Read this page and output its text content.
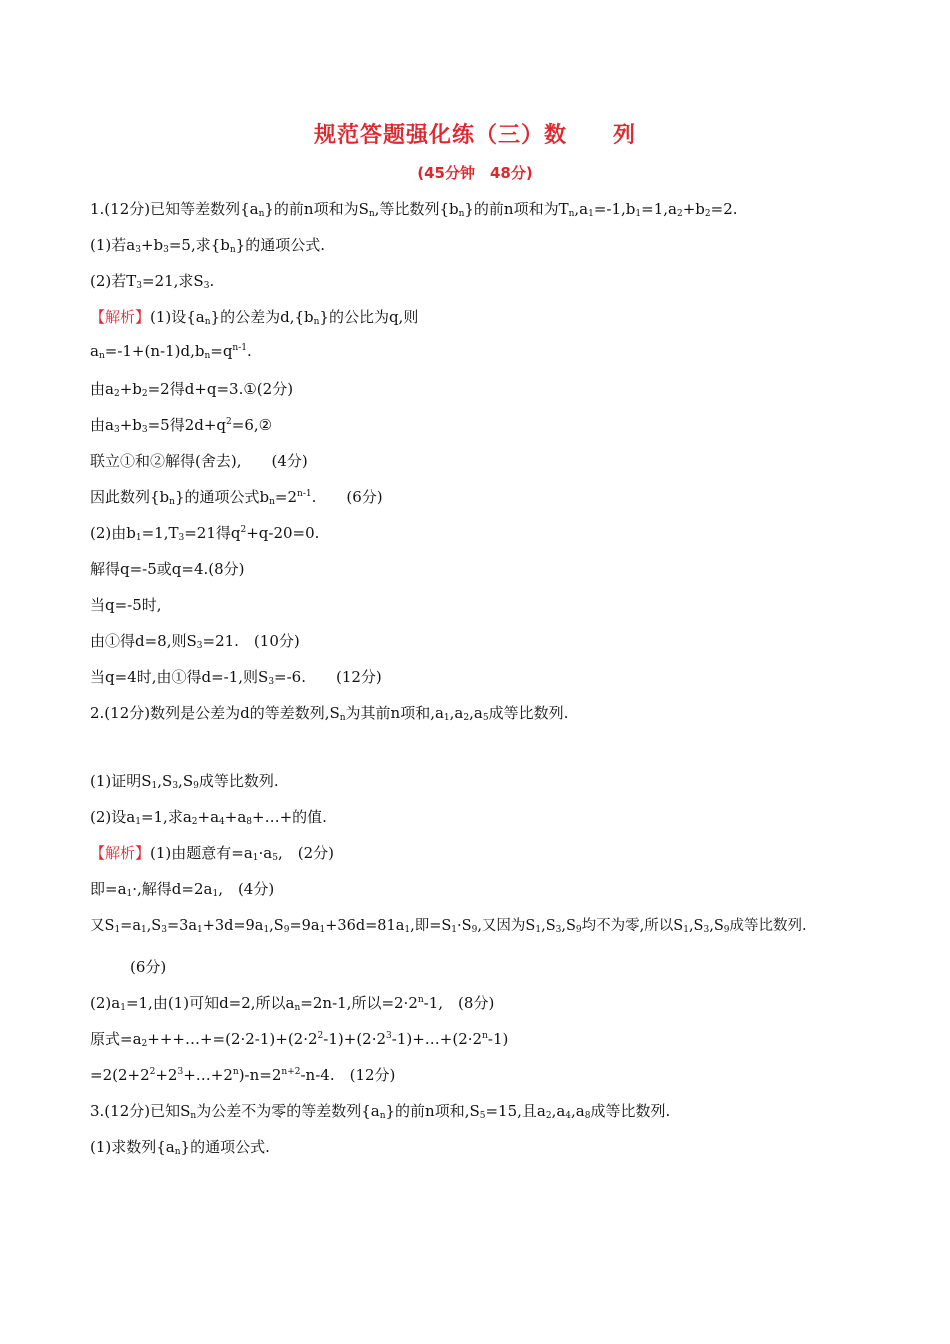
规范答题强化练（三）数　　列
(45分钟　48分)
1.(12分)已知等差数列$\{a_n\}$的前n项和为$S_n$,等比数列$\{b_n\}$的前n项和为$T_n,a_1=-1,b_1=1,a_2+b_2=2$.
(1)若$a_3+b_3=5$,求$\{b_n\}$的通项公式.
(2)若$T_3=21$,求$S_3$.
【解析】(1)设$\{a_n\}$的公差为$d,\{b_n\}$的公比为q,则
$a_n=-1+(n-1)d,b_n=q^{n-1}$.
由$a_2+b_2=2$得d+q=3.①(2分)
由$a_3+b_3=5$得$2d+q^2=6,②$
联立①和②解得(舍去),　　(4分)
因此数列$\{b_n\}$的通项公式$b_n=2^{n-1}$.　　(6分)
(2)由$b_1=1,T_3=21$得$q^2+q-20=0$.
解得q=-5或q=4.(8分)
当q=-5时,
由①得d=8,则$S_3=21$.　(10分)
当q=4时,由①得d=-1,则$S_3=-6$.　　(12分)
2.(12分)数列是公差为d的等差数列$,S_n$为其前n项和$,a_1,a_2,a_5$成等比数列.
(1)证明$S_1,S_3,S_9$成等比数列.
(2)设$a_1=1$,求$a_2+a_4+a_8+\dots+$的值.
【解析】(1)由题意有$=a_1\cdot a_5$,　(2分)
即$=a_1\cdot$,解得$d=2a_1$,　(4分)
又$S_1=a_1,S_3=3a_1+3d=9a_1,S_9=9a_1+36d=81a_1$,即$=S_1\cdot S_9$,又因为$S_1,S_3,S_9$均不为零,所以$S_1,S_3,S_9$成等比数列.
(6分)
$(2)a_1=1$,由(1)可知d=2,所以$a_n=2n-1$,所以$=2\cdot 2^n-1$,　(8分)
原式$=a_2+++\dots+=(2\cdot 2-1)+(2\cdot 2^2-1)+(2\cdot 2^3-1)+\dots+(2\cdot 2^n-1)$
$=2(2+2^2+2^3+\dots+2^n)-n=2^{n+2}-n-4$.　(12分)
3.(12分)已知$S_n$为公差不为零的等差数列$\{a_n\}$的前n项和$,S_5=15$,且$a_2,a_4,a_8$成等比数列.
(1)求数列$\{a_n\}$的通项公式.
